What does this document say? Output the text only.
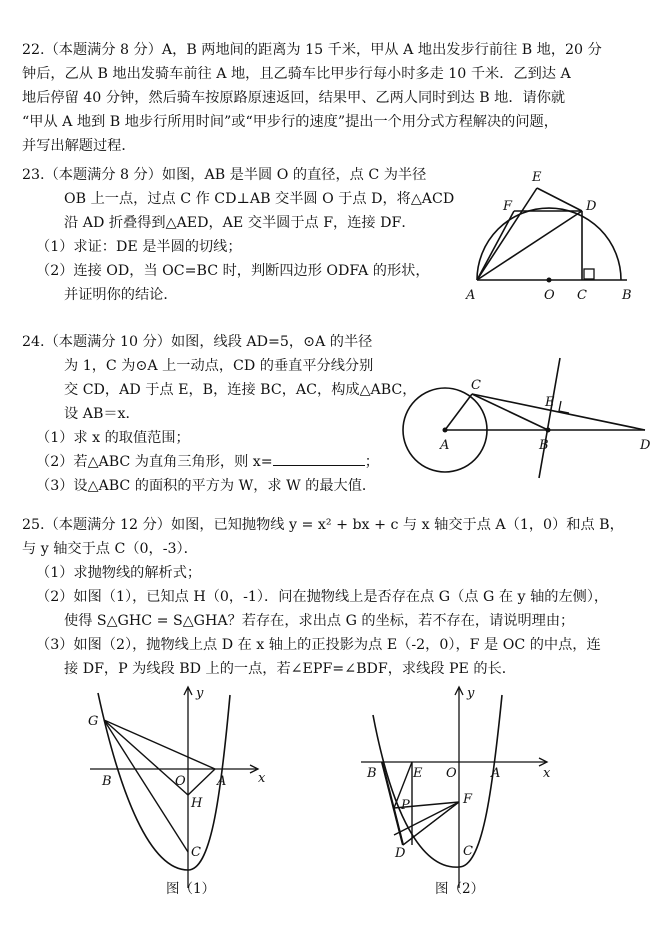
22.（本题满分 8 分）A，B 两地间的距离为 15 千米，甲从 A 地出发步行前往 B 地，20 分
钟后，乙从 B 地出发骑车前往 A 地，且乙骑车比甲步行每小时多走 10 千米．乙到达 A
地后停留 40 分钟，然后骑车按原路原速返回，结果甲、乙两人同时到达 B 地．请你就
“甲从 A 地到 B 地步行所用时间”或“甲步行的速度”提出一个用分式方程解决的问题，
并写出解题过程．
23.（本题满分 8 分）如图，AB 是半圆 O 的直径，点 C 为半径
OB 上一点，过点 C 作 CD⊥AB 交半圆 O 于点 D，将△ACD
沿 AD 折叠得到△AED，AE 交半圆于点 F，连接 DF．
（1）求证：DE 是半圆的切线；
（2）连接 OD，当 OC=BC 时，判断四边形 ODFA 的形状，
并证明你的结论．
E
F	D
A	O C	B
24.（本题满分 10 分）如图，线段 AD=5，⊙A 的半径
为 1，C 为⊙A 上一动点，CD 的垂直平分线分别
交 CD，AD 于点 E，B，连接 BC，AC，构成△ABC，
设 AB＝x．
（1）求 x 的取值范围；
（2）若△ABC 为直角三角形，则 x=	；
（3）设△ABC 的面积的平方为 W，求 W 的最大值．
C
E
A	B	D
25.（本题满分 12 分）如图，已知抛物线 y = x² + bx + c 与 x 轴交于点 A（1，0）和点 B，
与 y 轴交于点 C（0，-3）．
（1）求抛物线的解析式；
（2）如图（1），已知点 H（0，-1）．问在抛物线上是否存在点 G（点 G 在 y 轴的左侧），
使得 S△GHC = S△GHA？若存在，求出点 G 的坐标，若不存在，请说明理由；
（3）如图（2），抛物线上点 D 在 x 轴上的正投影为点 E（-2，0），F 是 OC 的中点，连
接 DF，P 为线段 BD 上的一点，若∠EPF=∠BDF，求线段 PE 的长．
y
G
B	O A x
H
C
图（1）
y
B	E O	A	x
P	F
D	C
图（2）
